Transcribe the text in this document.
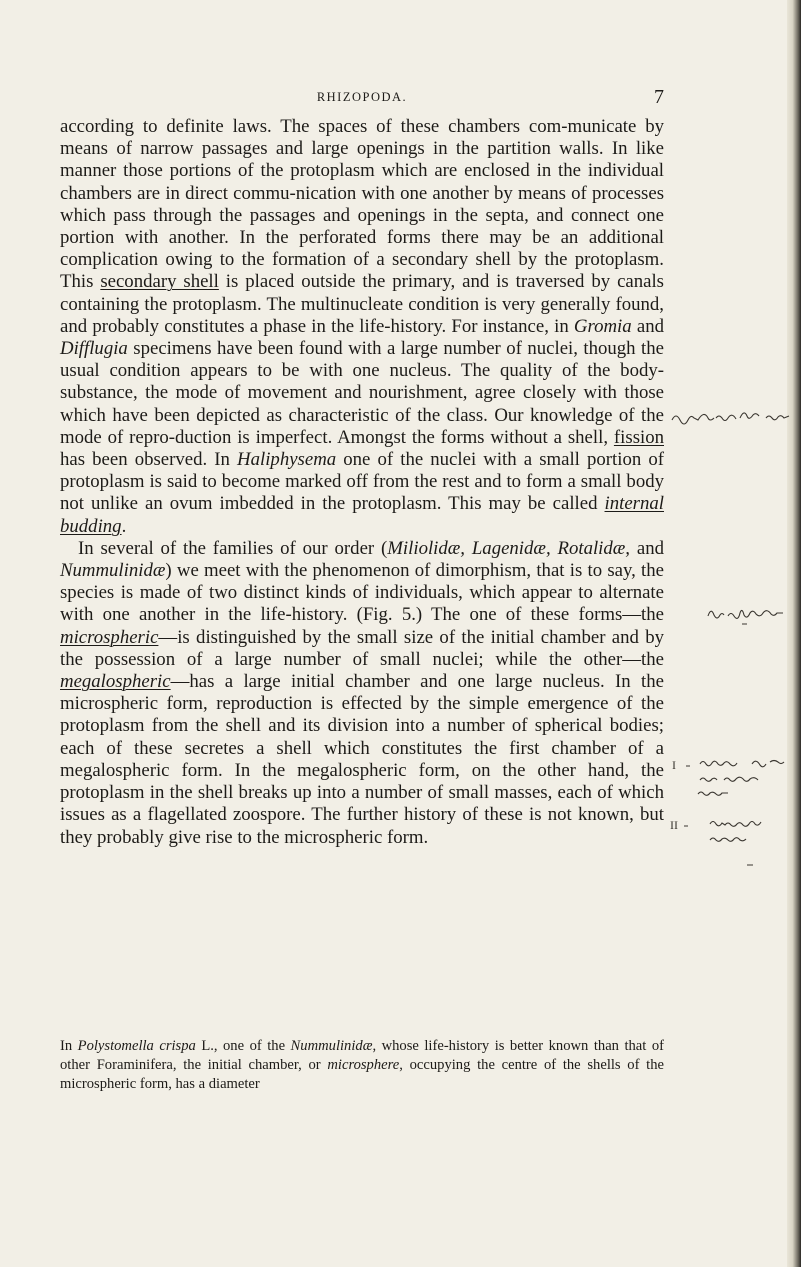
RHIZOPODA.	7

according to definite laws. The spaces of these chambers com-municate by means of narrow passages and large openings in the partition walls. In like manner those portions of the protoplasm which are enclosed in the individual chambers are in direct commu-nication with one another by means of processes which pass through the passages and openings in the septa, and connect one portion with another. In the perforated forms there may be an additional complication owing to the formation of a secondary shell by the protoplasm. This secondary shell is placed outside the primary, and is traversed by canals containing the protoplasm. The multinucleate condition is very generally found, and probably constitutes a phase in the life-history. For instance, in Gromia and Difflugia specimens have been found with a large number of nuclei, though the usual condition appears to be with one nucleus. The quality of the body-substance, the mode of movement and nourishment, agree closely with those which have been depicted as characteristic of the class. Our knowledge of the mode of repro-duction is imperfect. Amongst the forms without a shell, fission has been observed. In Haliphysema one of the nuclei with a small portion of protoplasm is said to become marked off from the rest and to form a small body not unlike an ovum imbedded in the protoplasm. This may be called internal budding.

In several of the families of our order (Miliolidæ, Lagenidæ, Rotalidæ, and Nummulinidæ) we meet with the phenomenon of dimorphism, that is to say, the species is made of two distinct kinds of individuals, which appear to alternate with one another in the life-history. (Fig. 5.) The one of these forms—the microspheric—is distinguished by the small size of the initial chamber and by the possession of a large number of small nuclei; while the other—the megalospheric—has a large initial chamber and one large nucleus. In the microspheric form, reproduction is effected by the simple emergence of the protoplasm from the shell and its division into a number of spherical bodies; each of these secretes a shell which constitutes the first chamber of a megalospheric form. In the megalospheric form, on the other hand, the protoplasm in the shell breaks up into a number of small masses, each of which issues as a flagellated zoospore. The further history of these is not known, but they probably give rise to the microspheric form.

In Polystomella crispa L., one of the Nummulinidæ, whose life-history is better known than that of other Foraminifera, the initial chamber, or microsphere, occupying the centre of the shells of the microspheric form, has a diameter
I
II
